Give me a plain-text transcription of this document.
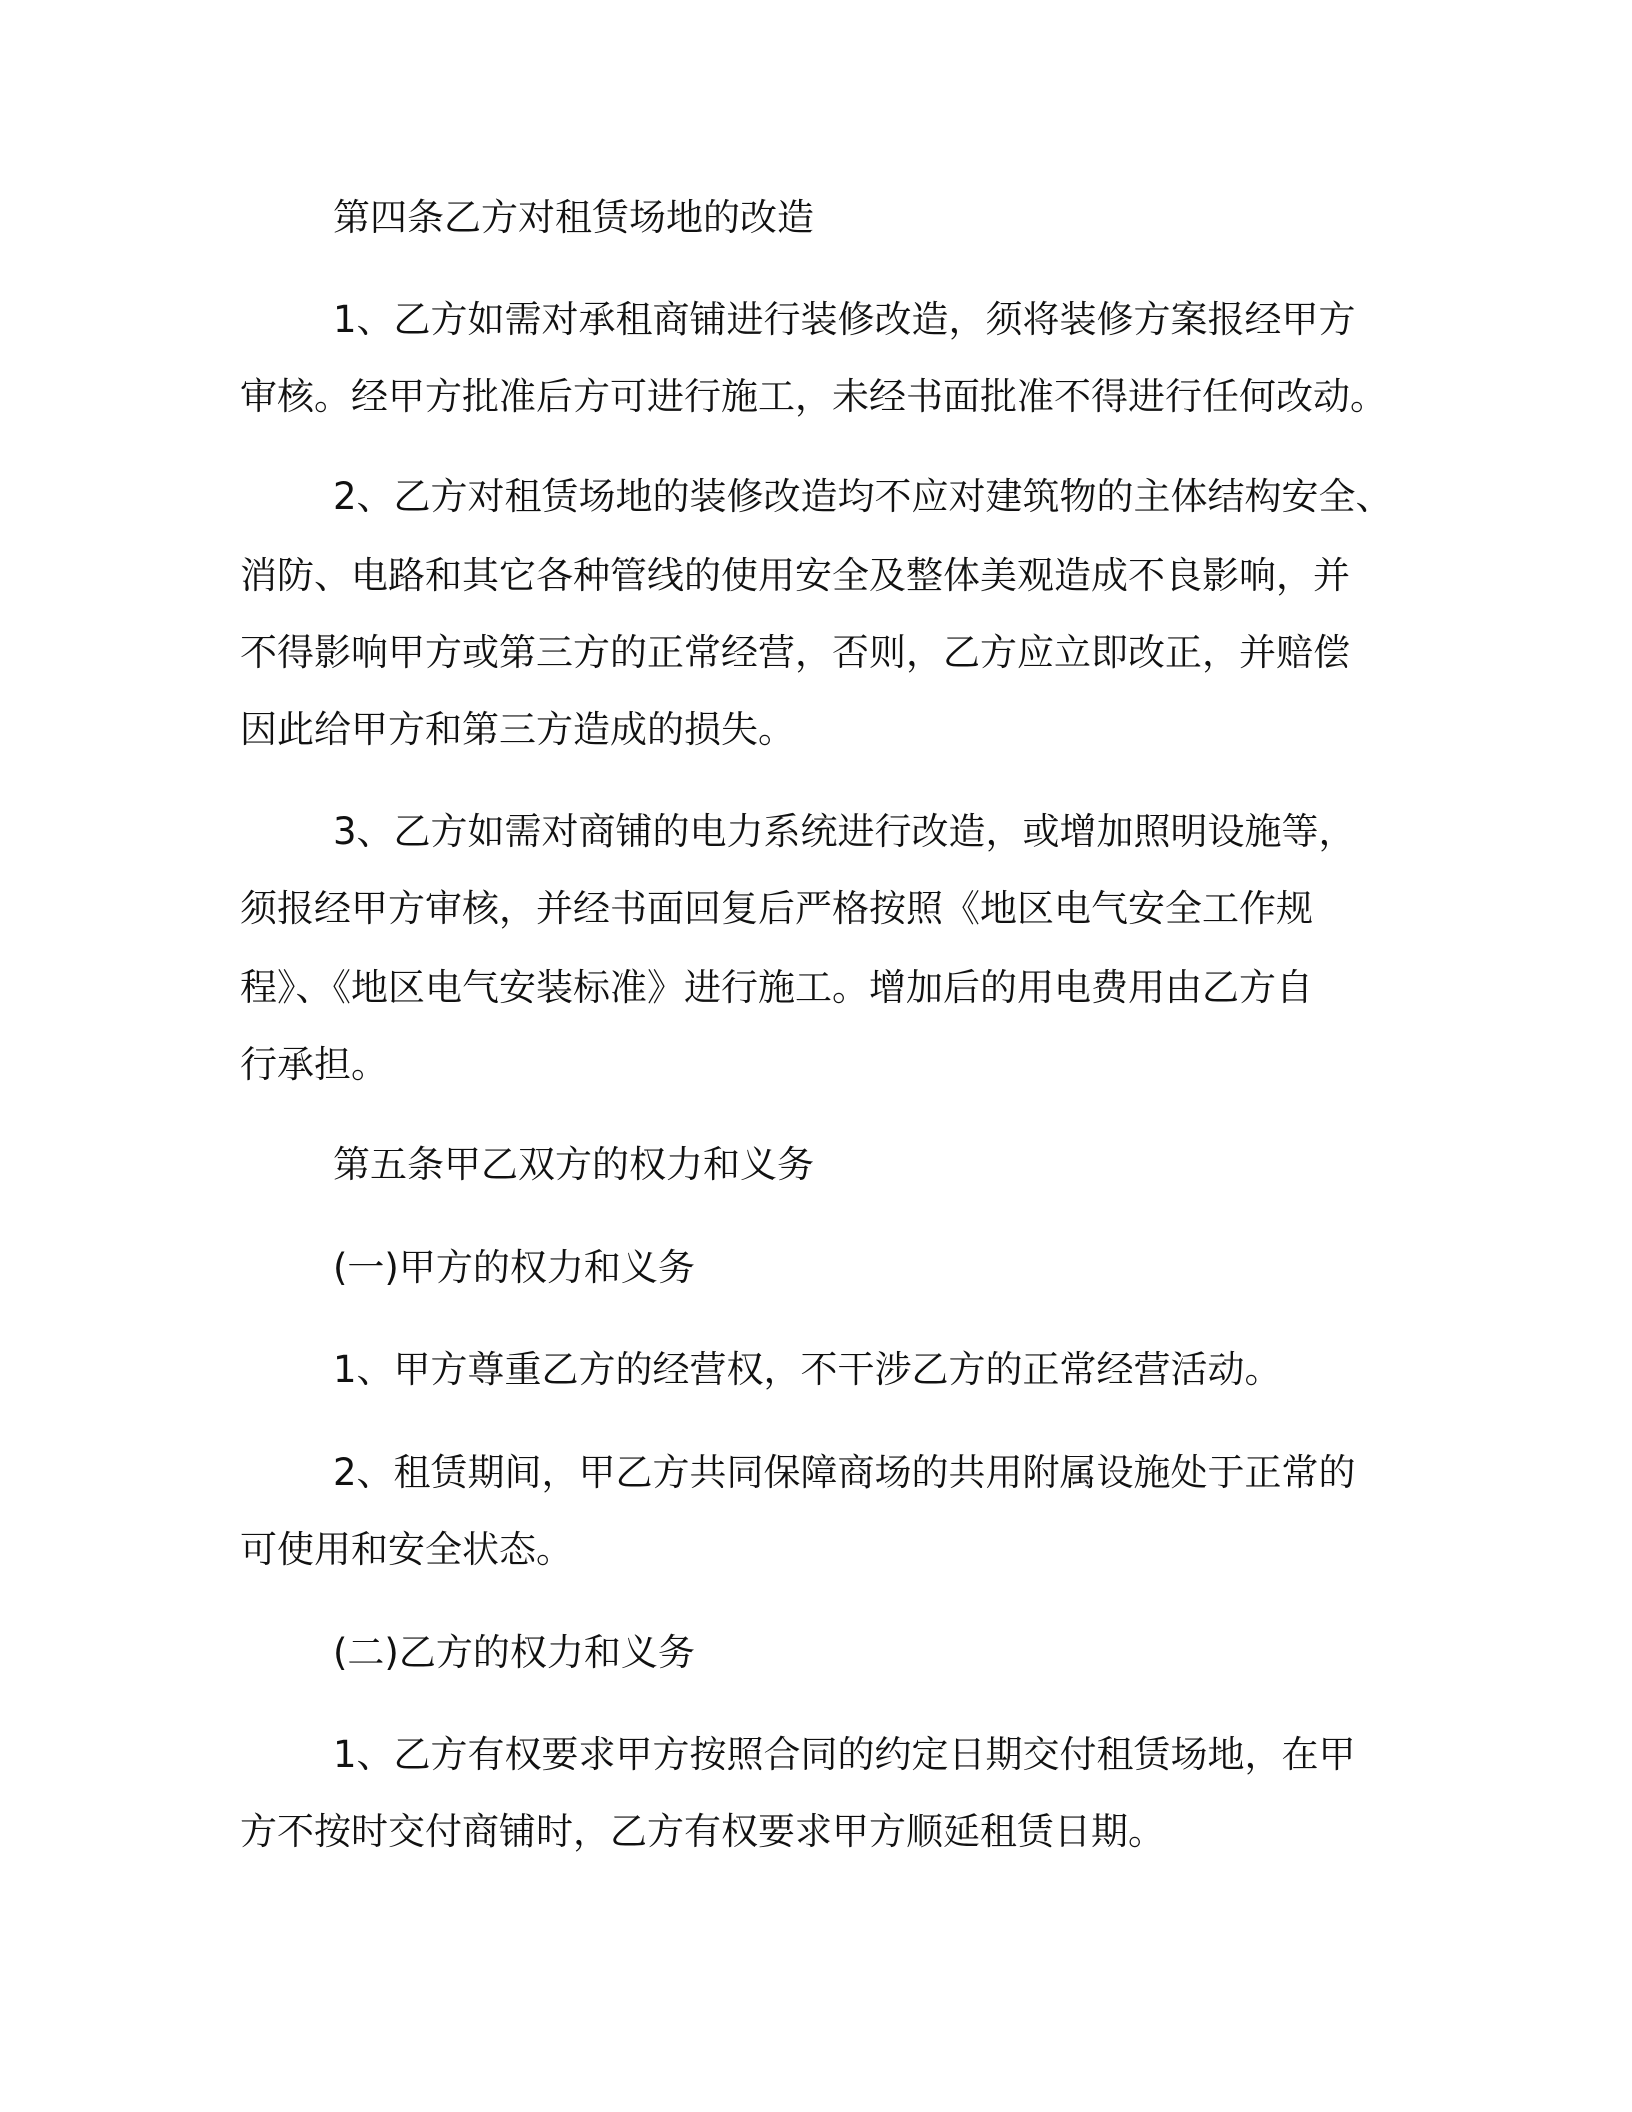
第四条乙方对租赁场地的改造
1、乙方如需对承租商铺进行装修改造，须将装修方案报经甲方
审核。经甲方批准后方可进行施工，未经书面批准不得进行任何改动。
2、乙方对租赁场地的装修改造均不应对建筑物的主体结构安全、
消防、电路和其它各种管线的使用安全及整体美观造成不良影响，并
不得影响甲方或第三方的正常经营，否则，乙方应立即改正，并赔偿
因此给甲方和第三方造成的损失。
3、乙方如需对商铺的电力系统进行改造，或增加照明设施等，
须报经甲方审核，并经书面回复后严格按照《地区电气安全工作规
程》、《地区电气安装标准》进行施工。增加后的用电费用由乙方自
行承担。
第五条甲乙双方的权力和义务
(一)甲方的权力和义务
1、甲方尊重乙方的经营权，不干涉乙方的正常经营活动。
2、租赁期间，甲乙方共同保障商场的共用附属设施处于正常的
可使用和安全状态。
(二)乙方的权力和义务
1、乙方有权要求甲方按照合同的约定日期交付租赁场地，在甲
方不按时交付商铺时，乙方有权要求甲方顺延租赁日期。
